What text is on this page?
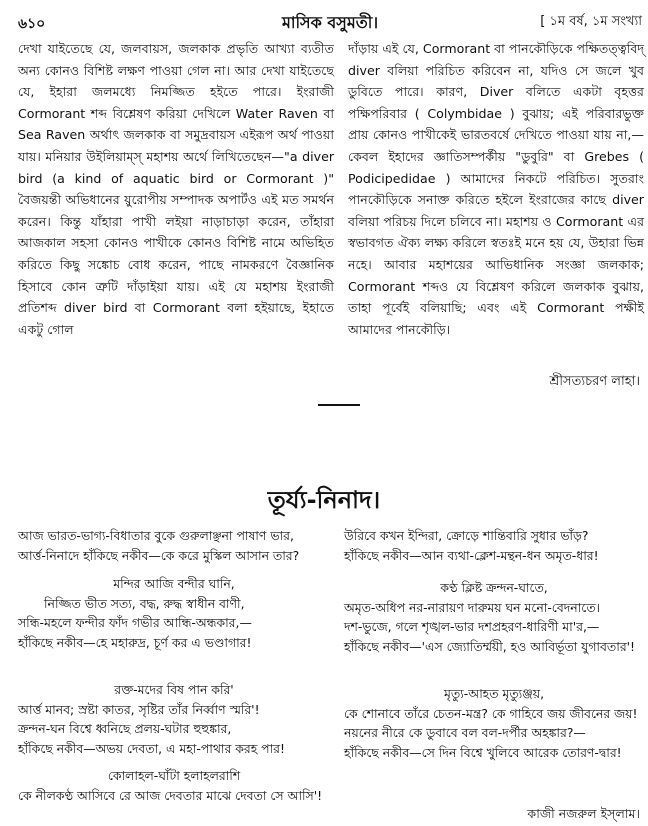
৬১০	মাসিক বসুমতী।	[ ১ম বর্ষ, ১ম সংখ্যা

দেখা যাইতেছে যে, জলবায়স, জলকাক প্রভৃতি আখ্যা ব্যতীত অন্য কোনও বিশিষ্ট লক্ষণ পাওয়া গেল না। আর দেখা যাইতেছে যে, ইহারা জলমধ্যে নিমজ্জিত হইতে পারে। ইংরাজী Cormorant শব্দ বিশ্লেষণ করিয়া দেখিলে Water Raven বা Sea Raven অর্থাৎ জলকাক বা সমুদ্রবায়স এইরূপ অর্থ পাওয়া যায়। মনিয়ার উইলিয়াম্‌স্‌ মহাশয় অর্থে লিখিতেছেন—"a diver bird (a kind of aquatic bird or Cormorant )" বৈজয়ন্তী অভিধানের য়ুরোপীয় সম্পাদক অপার্টও এই মত সমর্থন করেন। কিন্তু যাঁহারা পাখী লইয়া নাড়াচাড়া করেন, তাঁহারা আজকাল সহসা কোনও পাখীকে কোনও বিশিষ্ট নামে অভিহিত করিতে কিছু সঙ্কোচ বোধ করেন, পাছে নামকরণে বৈজ্ঞানিক হিসাবে কোন ত্রুটি দাঁড়াইয়া যায়। এই যে মহাশয় ইংরাজী প্রতিশব্দ diver bird বা Cormorant বলা হইয়াছে, ইহাতে একটু গোল

দাঁড়ায় এই যে, Cormorant বা পানকৌড়িকে পক্ষিতত্ত্ববিদ্‌ diver বলিয়া পরিচিত করিবেন না, যদিও সে জলে খুব ডুবিতে পারে। কারণ, Diver বলিতে একটা বৃহত্তর পক্ষিপরিবার ( Colymbidae ) বুঝায়; এই পরিবারভুক্ত প্রায় কোনও পাখীকেই ভারতবর্ষে দেখিতে পাওয়া যায় না,—কেবল ইহাদের জ্ঞাতিসম্পর্কীয় "ডুবুরি" বা Grebes ( Podicipedidae ) আমাদের নিকটে পরিচিত। সুতরাং পানকৌড়িকে সনাক্ত করিতে হইলে ইংরাজের কাছে diver বলিয়া পরিচয় দিলে চলিবে না। মহাশয় ও Cormorant এর স্বভাবগত ঐক্য লক্ষ্য করিলে স্বতঃই মনে হয় যে, উহারা ভিন্ন নহে। আবার মহাশয়ের আভিধানিক সংজ্ঞা জলকাক; Cormorant শব্দও যে বিশ্লেষণ করিলে জলকাক বুঝায়, তাহা পূর্বেই বলিয়াছি; এবং এই Cormorant পক্ষীই আমাদের পানকৌড়ি।

শ্রীসত্যচরণ লাহা।
তূর্য্য-নিনাদ।
আজ ভারত-ভাগ্য-বিধাতার বুকে গুরুলাঞ্ছনা পাষাণ ভার,
আর্ত্ত-নিনাদে হাঁকিছে নকীব—কে করে মুস্কিল আসান তার?
মন্দির আজি বন্দীর ঘানি,
নিজ্জিত ভীত সত্য, বদ্ধ, রুদ্ধ স্বাধীন বাণী,
সন্ধি-মহলে ফন্দীর ফাঁদ গভীর আন্ধি-অন্ধকার,—
হাঁকিছে নকীব—হে মহারুদ্র, চূর্ণ কর এ ভণ্ডাগার!
রক্ত-মদের বিষ পান করি'
আর্ত্ত মানব; স্রষ্টা কাতর, সৃষ্টির তাঁর নির্ব্বাণ স্মরি'!
ক্রন্দন-ঘন বিশ্বে ধ্বনিছে প্রলয়-ঘটার হুহুঙ্কার,
হাঁকিছে নকীব—অভয় দেবতা, এ মহা-পাথার করহ পার!
কোলাহল-ঘাঁটা হলাহলরাশি
কে নীলকণ্ঠ আসিবে রে আজ দেবতার মাঝে দেবতা সে আসি'!
উরিবে কখন ইন্দিরা, ক্রোড়ে শান্তিবারি সুধার ভাঁড়?
হাঁকিছে নকীব—আন ব্যথা-ক্লেশ-মন্থন-ধন অমৃত-ধার!
কণ্ঠ ক্লিষ্ট ক্রন্দন-ঘাতে,
অমৃত-অধিপ নর-নারায়ণ দারুময় ঘন মনো-বেদনাতে।
দশ-ভুজে, গলে শৃঙ্খল-ভার দশপ্রহরণ-ধারিণী মা'র,—
হাঁকিছে নকীব—'এস জ্যোতির্ম্ময়ী, হও আবির্ভূতা যুগাবতার'!
মৃত্যু-আহত মৃত্যুঞ্জয়,
কে শোনাবে তাঁরে চেতন-মন্ত্র? কে গাহিবে জয় জীবনের জয়!
নয়নের নীরে কে ডুবাবে বল বল-দর্পীর অহঙ্কার?—
হাঁকিছে নকীব—সে দিন বিশ্বে খুলিবে আরেক তোরণ-দ্বার!
কাজী নজরুল ইস্‌লাম।
